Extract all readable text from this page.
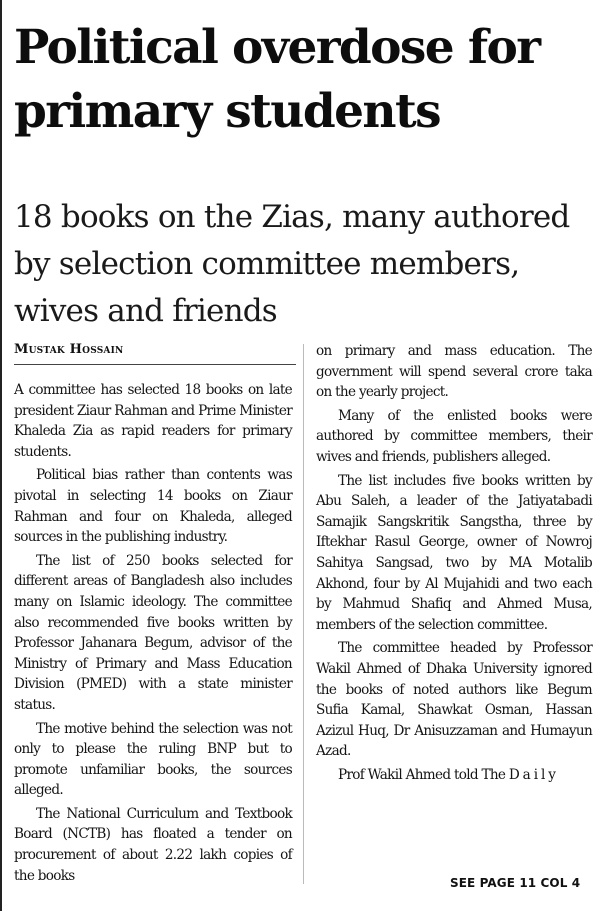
Political overdose for primary students
18 books on the Zias, many authored by selection committee members, wives and friends
Mustak Hossain

A committee has selected 18 books on late president Ziaur Rahman and Prime Minister Khaleda Zia as rapid readers for primary students.

Political bias rather than contents was pivotal in selecting 14 books on Ziaur Rahman and four on Khaleda, alleged sources in the publishing industry.

The list of 250 books selected for different areas of Bangladesh also includes many on Islamic ideology. The committee also recommended five books written by Professor Jahanara Begum, advisor of the Ministry of Primary and Mass Education Division (PMED) with a state minister status.

The motive behind the selection was not only to please the ruling BNP but to promote unfamiliar books, the sources alleged.

The National Curriculum and Textbook Board (NCTB) has floated a tender on procurement of about 2.22 lakh copies of the books

on primary and mass education. The government will spend several crore taka on the yearly project.

Many of the enlisted books were authored by committee members, their wives and friends, publishers alleged.

The list includes five books written by Abu Saleh, a leader of the Jatiyatabadi Samajik Sangskritik Sangstha, three by Iftekhar Rasul George, owner of Nowroj Sahitya Sangsad, two by MA Motalib Akhond, four by Al Mujahidi and two each by Mahmud Shafiq and Ahmed Musa, members of the selection committee.

The committee headed by Professor Wakil Ahmed of Dhaka University ignored the books of noted authors like Begum Sufia Kamal, Shawkat Osman, Hassan Azizul Huq, Dr Anisuzzaman and Humayun Azad.

Prof Wakil Ahmed told The D a i l y

SEE PAGE 11 COL 4
